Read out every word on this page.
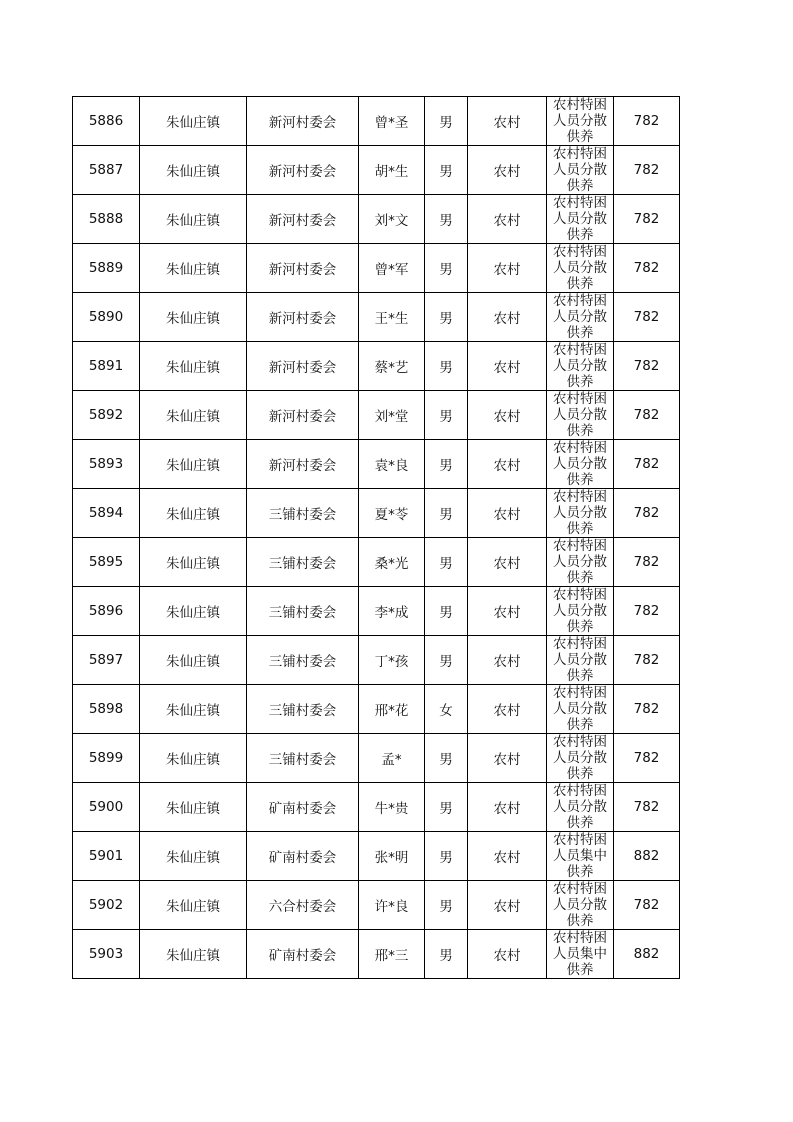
5886	朱仙庄镇	新河村委会	曾*圣	男	农村	农村特困人员分散供养	782
5887	朱仙庄镇	新河村委会	胡*生	男	农村	农村特困人员分散供养	782
5888	朱仙庄镇	新河村委会	刘*文	男	农村	农村特困人员分散供养	782
5889	朱仙庄镇	新河村委会	曾*军	男	农村	农村特困人员分散供养	782
5890	朱仙庄镇	新河村委会	王*生	男	农村	农村特困人员分散供养	782
5891	朱仙庄镇	新河村委会	蔡*艺	男	农村	农村特困人员分散供养	782
5892	朱仙庄镇	新河村委会	刘*堂	男	农村	农村特困人员分散供养	782
5893	朱仙庄镇	新河村委会	袁*良	男	农村	农村特困人员分散供养	782
5894	朱仙庄镇	三铺村委会	夏*苓	男	农村	农村特困人员分散供养	782
5895	朱仙庄镇	三铺村委会	桑*光	男	农村	农村特困人员分散供养	782
5896	朱仙庄镇	三铺村委会	李*成	男	农村	农村特困人员分散供养	782
5897	朱仙庄镇	三铺村委会	丁*孩	男	农村	农村特困人员分散供养	782
5898	朱仙庄镇	三铺村委会	邢*花	女	农村	农村特困人员分散供养	782
5899	朱仙庄镇	三铺村委会	孟*	男	农村	农村特困人员分散供养	782
5900	朱仙庄镇	矿南村委会	牛*贵	男	农村	农村特困人员分散供养	782
5901	朱仙庄镇	矿南村委会	张*明	男	农村	农村特困人员集中供养	882
5902	朱仙庄镇	六合村委会	许*良	男	农村	农村特困人员分散供养	782
5903	朱仙庄镇	矿南村委会	邢*三	男	农村	农村特困人员集中供养	882
